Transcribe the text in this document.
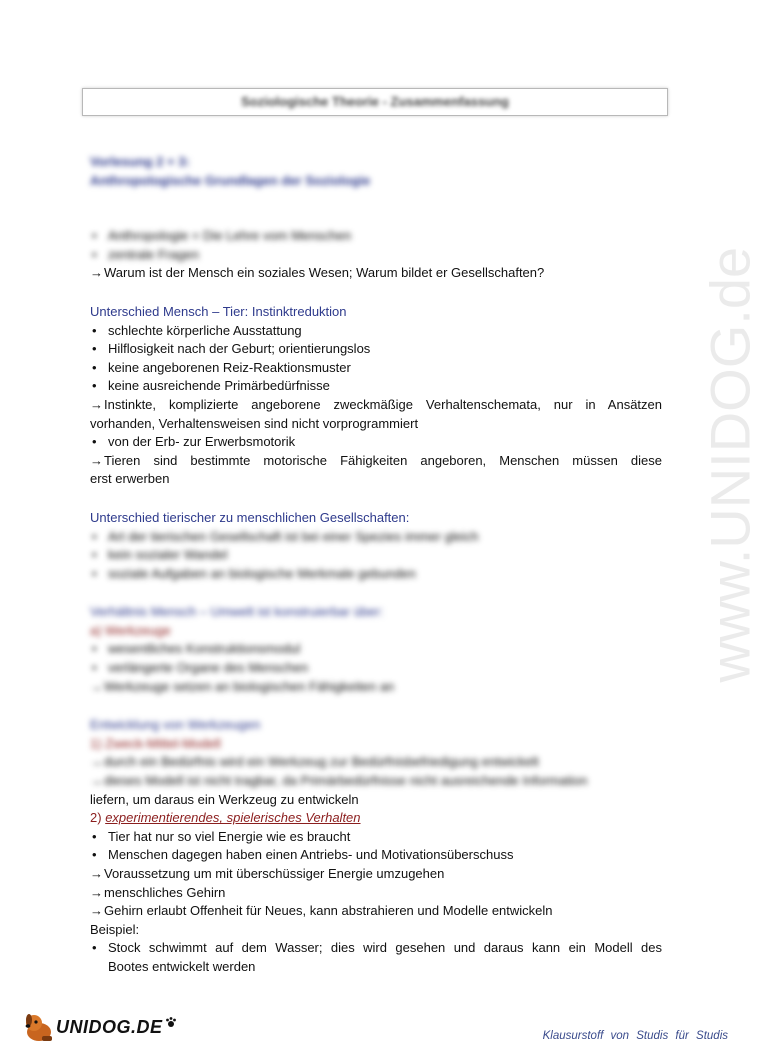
www.UNIDOG.de
Soziologische Theorie - Zusammenfassung
Vorlesung 2 + 3:
Anthropologische Grundlagen der Soziologie
• Anthropologie = Die Lehre vom Menschen
• zentrale Fragen
→Warum ist der Mensch ein soziales Wesen; Warum bildet er Gesellschaften?
Unterschied Mensch – Tier: Instinktreduktion
• schlechte körperliche Ausstattung
• Hilflosigkeit nach der Geburt; orientierungslos
• keine angeborenen Reiz-Reaktionsmuster
• keine ausreichende Primärbedürfnisse
→Instinkte, komplizierte angeborene zweckmäßige Verhaltenschemata, nur in Ansätzen
vorhanden, Verhaltensweisen sind nicht vorprogrammiert
• von der Erb- zur Erwerbsmotorik
→Tieren sind bestimmte motorische Fähigkeiten angeboren, Menschen müssen diese
erst erwerben
Unterschied tierischer zu menschlichen Gesellschaften:
• Art der tierischen Gesellschaft ist bei einer Spezies immer gleich
• kein sozialer Wandel
• soziale Aufgaben an biologische Merkmale gebunden
Verhältnis Mensch – Umwelt ist konstruierbar über:
a) Werkzeuge
• wesentliches Konstruktionsmodul
• verlängerte Organe des Menschen
→Werkzeuge setzen an biologischen Fähigkeiten an
Entwicklung von Werkzeugen
1) Zweck-Mittel-Modell
→durch ein Bedürfnis wird ein Werkzeug zur Bedürfnisbefriedigung entwickelt
→dieses Modell ist nicht tragbar, da Primärbedürfnisse nicht ausreichende Information
liefern, um daraus ein Werkzeug zu entwickeln
2) experimentierendes, spielerisches Verhalten
• Tier hat nur so viel Energie wie es braucht
• Menschen dagegen haben einen Antriebs- und Motivationsüberschuss
→Voraussetzung um mit überschüssiger Energie umzugehen
→menschliches Gehirn
→Gehirn erlaubt Offenheit für Neues, kann abstrahieren und Modelle entwickeln
Beispiel:
• Stock schwimmt auf dem Wasser; dies wird gesehen und daraus kann ein Modell des
Bootes entwickelt werden
UNIDOG.DE	Klausurstoff von Studis für Studis
